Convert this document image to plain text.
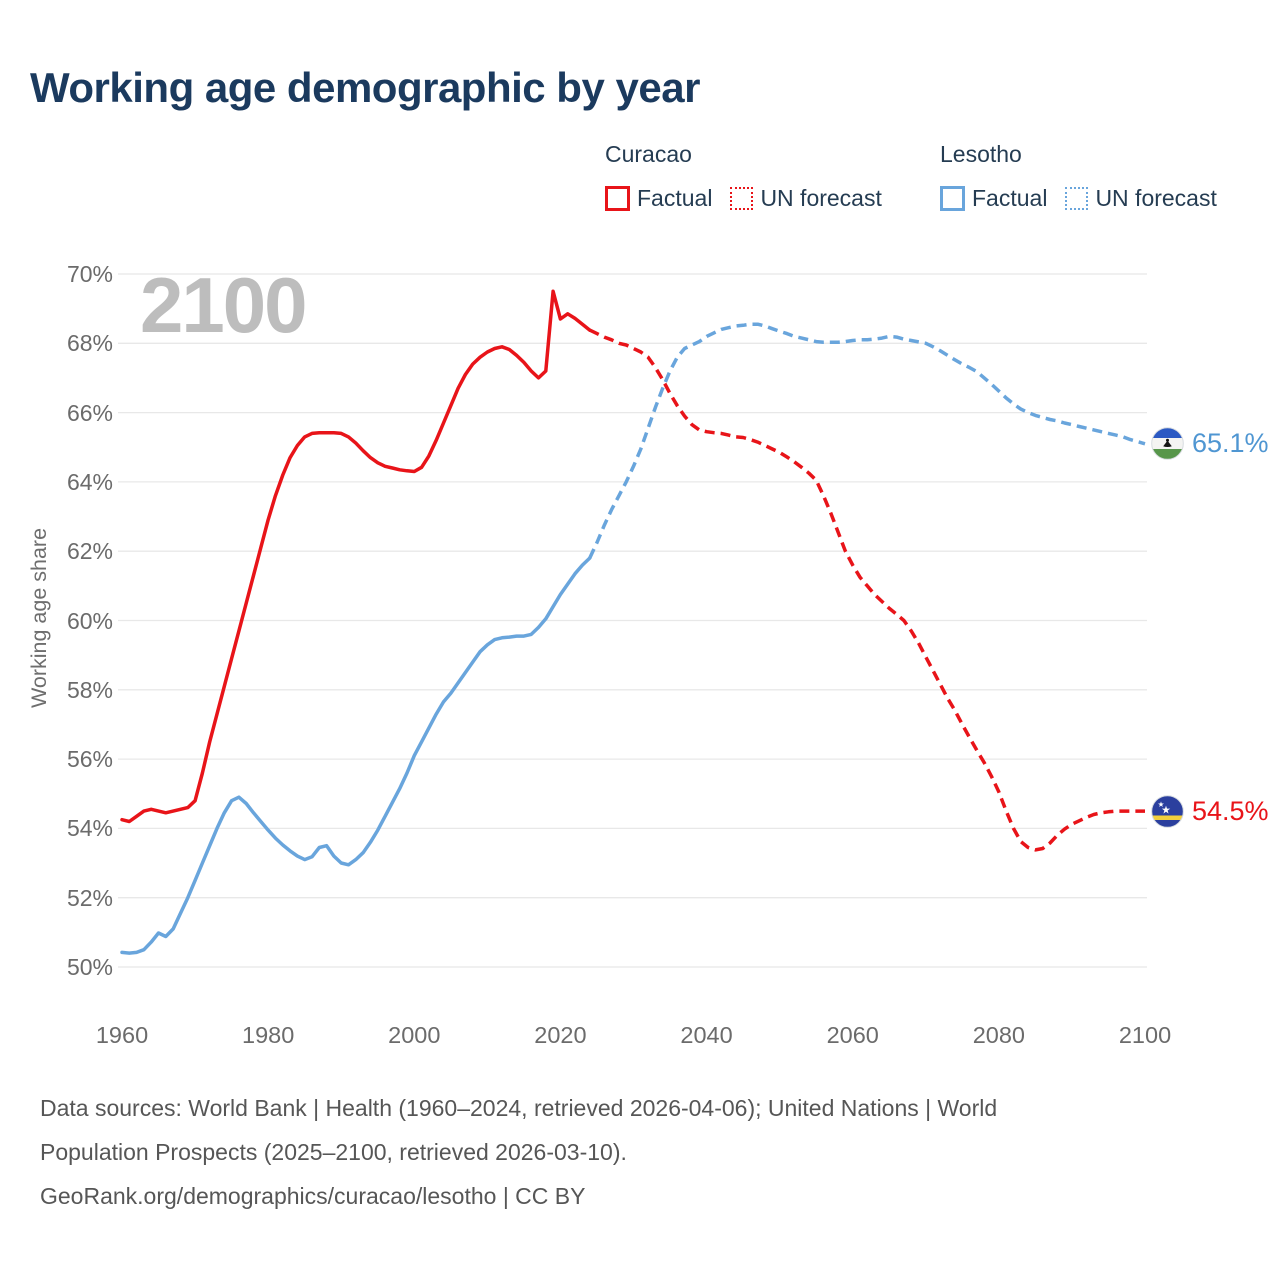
Working age demographic by year
Curacao
Factual UN forecast
Lesotho
Factual UN forecast
2100
Working age share
70%
68%
66%
64%
62%
60%
58%
56%
54%
52%
50%
1960	1980	2000	2020	2040	2060	2080	2100
65.1%
54.5%
Data sources: World Bank | Health (1960–2024, retrieved 2026-04-06); United Nations | World
Population Prospects (2025–2100, retrieved 2026-03-10).
GeoRank.org/demographics/curacao/lesotho | CC BY
